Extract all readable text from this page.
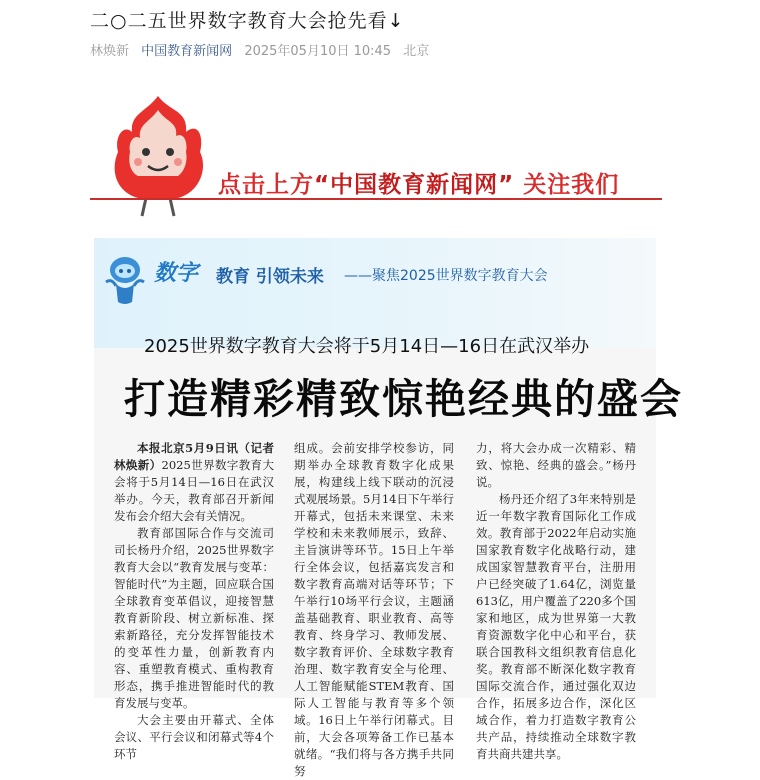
二○二五世界数字教育大会抢先看↓
林焕新 中国教育新闻网 2025年05月10日 10:45 北京
点击上方“中国教育新闻网” 关注我们
数字 教育 引领未来 ——聚焦2025世界数字教育大会
2025世界数字教育大会将于5月14日—16日在武汉举办
打造精彩精致惊艳经典的盛会

本报北京5月9日讯（记者林焕新）2025世界数字教育大会将于5月14日—16日在武汉举办。今天，教育部召开新闻发布会介绍大会有关情况。

教育部国际合作与交流司司长杨丹介绍，2025世界数字教育大会以“教育发展与变革：智能时代”为主题，回应联合国全球教育变革倡议，迎接智慧教育新阶段、树立新标准、探索新路径，充分发挥智能技术的变革性力量，创新教育内容、重塑教育模式、重构教育形态，携手推进智能时代的教育发展与变革。

大会主要由开幕式、全体会议、平行会议和闭幕式等4个环节

组成。会前安排学校参访，同期举办全球教育数字化成果展，构建线上线下联动的沉浸式观展场景。5月14日下午举行开幕式，包括未来课堂、未来学校和未来教师展示，致辞、主旨演讲等环节。15日上午举行全体会议，包括嘉宾发言和数字教育高端对话等环节；下午举行10场平行会议，主题涵盖基础教育、职业教育、高等教育、终身学习、教师发展、数字教育评价、全球数字教育治理、数字教育安全与伦理、人工智能赋能STEM教育、国际人工智能与教育等多个领域。16日上午举行闭幕式。目前，大会各项筹备工作已基本就绪。“我们将与各方携手共同努

力，将大会办成一次精彩、精致、惊艳、经典的盛会。”杨丹说。

杨丹还介绍了3年来特别是近一年数字教育国际化工作成效。教育部于2022年启动实施国家教育数字化战略行动，建成国家智慧教育平台，注册用户已经突破了1.64亿，浏览量613亿，用户覆盖了220多个国家和地区，成为世界第一大教育资源数字化中心和平台，获联合国教科文组织教育信息化奖。教育部不断深化数字教育国际交流合作，通过强化双边合作，拓展多边合作，深化区域合作，着力打造数字教育公共产品，持续推动全球数字教育共商共建共享。
